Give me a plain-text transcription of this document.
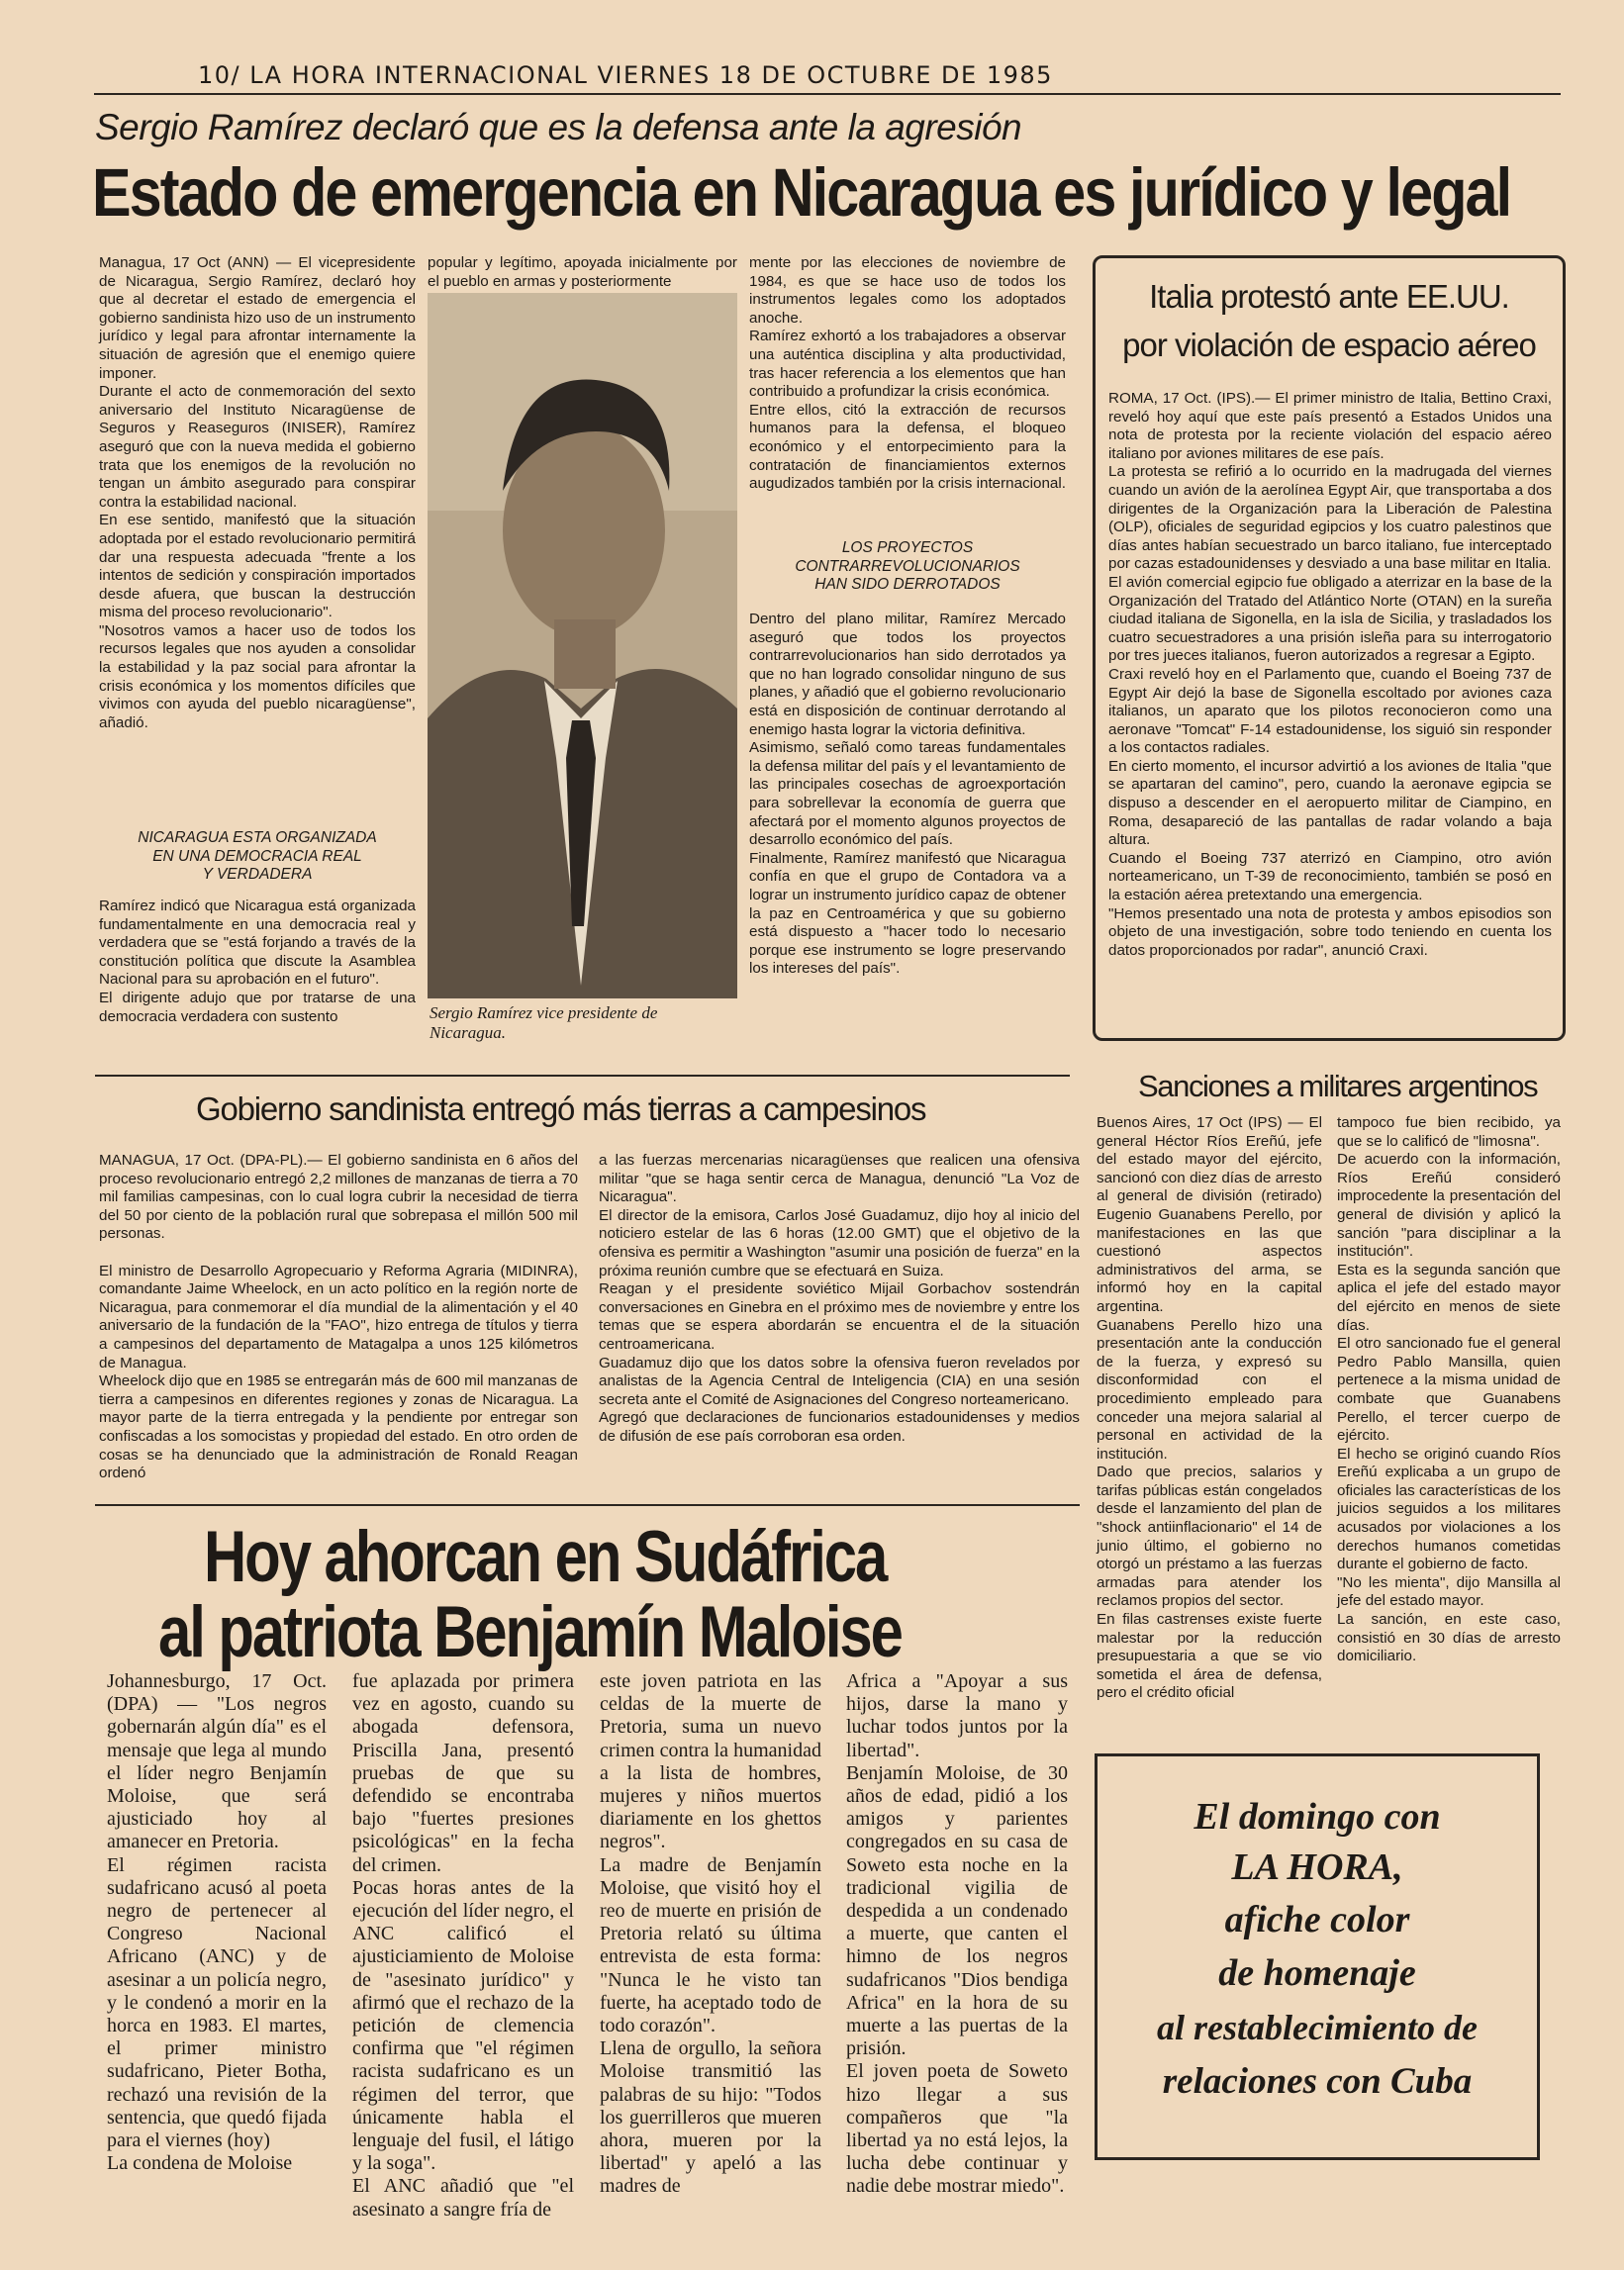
10/ LA HORA INTERNACIONAL VIERNES 18 DE OCTUBRE DE 1985
Sergio Ramírez declaró que es la defensa ante la agresión
Estado de emergencia en Nicaragua es jurídico y legal
Managua, 17 Oct (ANN) — El vicepresidente de Nicaragua, Sergio Ramírez, declaró hoy que al decretar el estado de emergencia el gobierno sandinista hizo uso de un instrumento jurídico y legal para afrontar internamente la situación de agresión que el enemigo quiere imponer.
Durante el acto de conmemoración del sexto aniversario del Instituto Nicaragüense de Seguros y Reaseguros (INISER), Ramírez aseguró que con la nueva medida el gobierno trata que los enemigos de la revolución no tengan un ámbito asegurado para conspirar contra la estabilidad nacional.
En ese sentido, manifestó que la situación adoptada por el estado revolucionario permitirá dar una respuesta adecuada "frente a los intentos de sedición y conspiración importados desde afuera, que buscan la destrucción misma del proceso revolucionario".
"Nosotros vamos a hacer uso de todos los recursos legales que nos ayuden a consolidar la estabilidad y la paz social para afrontar la crisis económica y los momentos difíciles que vivimos con ayuda del pueblo nicaragüense", añadió.
NICARAGUA ESTA ORGANIZADA
EN UNA DEMOCRACIA REAL
Y VERDADERA
Ramírez indicó que Nicaragua está organizada fundamentalmente en una democracia real y verdadera que se "está forjando a través de la constitución política que discute la Asamblea Nacional para su aprobación en el futuro".
El dirigente adujo que por tratarse de una democracia verdadera con sustento
popular y legítimo, apoyada inicialmente por el pueblo en armas y posteriormente
Sergio Ramírez vice presidente de Nicaragua.
mente por las elecciones de noviembre de 1984, es que se hace uso de todos los instrumentos legales como los adoptados anoche.
Ramírez exhortó a los trabajadores a observar una auténtica disciplina y alta productividad, tras hacer referencia a los elementos que han contribuido a profundizar la crisis económica.
Entre ellos, citó la extracción de recursos humanos para la defensa, el bloqueo económico y el entorpecimiento para la contratación de financiamientos externos augudizados también por la crisis internacional.
LOS PROYECTOS
CONTRARREVOLUCIONARIOS
HAN SIDO DERROTADOS
Dentro del plano militar, Ramírez Mercado aseguró que todos los proyectos contrarrevolucionarios han sido derrotados ya que no han logrado consolidar ninguno de sus planes, y añadió que el gobierno revolucionario está en disposición de continuar derrotando al enemigo hasta lograr la victoria definitiva.
Asimismo, señaló como tareas fundamentales la defensa militar del país y el levantamiento de las principales cosechas de agroexportación para sobrellevar la economía de guerra que afectará por el momento algunos proyectos de desarrollo económico del país.
Finalmente, Ramírez manifestó que Nicaragua confía en que el grupo de Contadora va a lograr un instrumento jurídico capaz de obtener la paz en Centroamérica y que su gobierno está dispuesto a "hacer todo lo necesario porque ese instrumento se logre preservando los intereses del país".
Italia protestó ante EE.UU.
por violación de espacio aéreo
ROMA, 17 Oct. (IPS).— El primer ministro de Italia, Bettino Craxi, reveló hoy aquí que este país presentó a Estados Unidos una nota de protesta por la reciente violación del espacio aéreo italiano por aviones militares de ese país.
La protesta se refirió a lo ocurrido en la madrugada del viernes cuando un avión de la aerolínea Egypt Air, que transportaba a dos dirigentes de la Organización para la Liberación de Palestina (OLP), oficiales de seguridad egipcios y los cuatro palestinos que días antes habían secuestrado un barco italiano, fue interceptado por cazas estadounidenses y desviado a una base militar en Italia.
El avión comercial egipcio fue obligado a aterrizar en la base de la Organización del Tratado del Atlántico Norte (OTAN) en la sureña ciudad italiana de Sigonella, en la isla de Sicilia, y trasladados los cuatro secuestradores a una prisión isleña para su interrogatorio por tres jueces italianos, fueron autorizados a regresar a Egipto.
Craxi reveló hoy en el Parlamento que, cuando el Boeing 737 de Egypt Air dejó la base de Sigonella escoltado por aviones caza italianos, un aparato que los pilotos reconocieron como una aeronave "Tomcat" F-14 estadounidense, los siguió sin responder a los contactos radiales.
En cierto momento, el incursor advirtió a los aviones de Italia "que se apartaran del camino", pero, cuando la aeronave egipcia se dispuso a descender en el aeropuerto militar de Ciampino, en Roma, desapareció de las pantallas de radar volando a baja altura.
Cuando el Boeing 737 aterrizó en Ciampino, otro avión norteamericano, un T-39 de reconocimiento, también se posó en la estación aérea pretextando una emergencia.
"Hemos presentado una nota de protesta y ambos episodios son objeto de una investigación, sobre todo teniendo en cuenta los datos proporcionados por radar", anunció Craxi.
Gobierno sandinista entregó más tierras a campesinos
MANAGUA, 17 Oct. (DPA-PL).— El gobierno sandinista en 6 años del proceso revolucionario entregó 2,2 millones de manzanas de tierra a 70 mil familias campesinas, con lo cual logra cubrir la necesidad de tierra del 50 por ciento de la población rural que sobrepasa el millón 500 mil personas.

El ministro de Desarrollo Agropecuario y Reforma Agraria (MIDINRA), comandante Jaime Wheelock, en un acto político en la región norte de Nicaragua, para conmemorar el día mundial de la alimentación y el 40 aniversario de la fundación de la "FAO", hizo entrega de títulos y tierra a campesinos del departamento de Matagalpa a unos 125 kilómetros de Managua.
Wheelock dijo que en 1985 se entregarán más de 600 mil manzanas de tierra a campesinos en diferentes regiones y zonas de Nicaragua. La mayor parte de la tierra entregada y la pendiente por entregar son confiscadas a los somocistas y propiedad del estado. En otro orden de cosas se ha denunciado que la administración de Ronald Reagan ordenó
a las fuerzas mercenarias nicaragüenses que realicen una ofensiva militar "que se haga sentir cerca de Managua, denunció "La Voz de Nicaragua".
El director de la emisora, Carlos José Guadamuz, dijo hoy al inicio del noticiero estelar de las 6 horas (12.00 GMT) que el objetivo de la ofensiva es permitir a Washington "asumir una posición de fuerza" en la próxima reunión cumbre que se efectuará en Suiza.
Reagan y el presidente soviético Mijail Gorbachov sostendrán conversaciones en Ginebra en el próximo mes de noviembre y entre los temas que se espera abordarán se encuentra el de la situación centroamericana.
Guadamuz dijo que los datos sobre la ofensiva fueron revelados por analistas de la Agencia Central de Inteligencia (CIA) en una sesión secreta ante el Comité de Asignaciones del Congreso norteamericano.
Agregó que declaraciones de funcionarios estadounidenses y medios de difusión de ese país corroboran esa orden.
Sanciones a militares argentinos
Buenos Aires, 17 Oct (IPS) — El general Héctor Ríos Ereñú, jefe del estado mayor del ejército, sancionó con diez días de arresto al general de división (retirado) Eugenio Guanabens Perello, por manifestaciones en las que cuestionó aspectos administrativos del arma, se informó hoy en la capital argentina.
Guanabens Perello hizo una presentación ante la conducción de la fuerza, y expresó su disconformidad con el procedimiento empleado para conceder una mejora salarial al personal en actividad de la institución.
Dado que precios, salarios y tarifas públicas están congelados desde el lanzamiento del plan de "shock antiinflacionario" el 14 de junio último, el gobierno no otorgó un préstamo a las fuerzas armadas para atender los reclamos propios del sector.
En filas castrenses existe fuerte malestar por la reducción presupuestaria a que se vio sometida el área de defensa, pero el crédito oficial
tampoco fue bien recibido, ya que se lo calificó de "limosna".
De acuerdo con la información, Ríos Ereñú consideró improcedente la presentación del general de división y aplicó la sanción "para disciplinar a la institución".
Esta es la segunda sanción que aplica el jefe del estado mayor del ejército en menos de siete días.
El otro sancionado fue el general Pedro Pablo Mansilla, quien pertenece a la misma unidad de combate que Guanabens Perello, el tercer cuerpo de ejército.
El hecho se originó cuando Ríos Ereñú explicaba a un grupo de oficiales las características de los juicios seguidos a los militares acusados por violaciones a los derechos humanos cometidas durante el gobierno de facto.
"No les mienta", dijo Mansilla al jefe del estado mayor.
La sanción, en este caso, consistió en 30 días de arresto domiciliario.
Hoy ahorcan en Sudáfrica
al patriota Benjamín Maloise
Johannesburgo, 17 Oct. (DPA) — "Los negros gobernarán algún día" es el mensaje que lega al mundo el líder negro Benjamín Moloise, que será ajusticiado hoy al amanecer en Pretoria.
El régimen racista sudafricano acusó al poeta negro de pertenecer al Congreso Nacional Africano (ANC) y de asesinar a un policía negro, y le condenó a morir en la horca en 1983. El martes, el primer ministro sudafricano, Pieter Botha, rechazó una revisión de la sentencia, que quedó fijada para el viernes (hoy)
La condena de Moloise
fue aplazada por primera vez en agosto, cuando su abogada defensora, Priscilla Jana, presentó pruebas de que su defendido se encontraba bajo "fuertes presiones psicológicas" en la fecha del crimen.
Pocas horas antes de la ejecución del líder negro, el ANC calificó el ajusticiamiento de Moloise de "asesinato jurídico" y afirmó que el rechazo de la petición de clemencia confirma que "el régimen racista sudafricano es un régimen del terror, que únicamente habla el lenguaje del fusil, el látigo y la soga".
El ANC añadió que "el asesinato a sangre fría de
este joven patriota en las celdas de la muerte de Pretoria, suma un nuevo crimen contra la humanidad a la lista de hombres, mujeres y niños muertos diariamente en los ghettos negros".
La madre de Benjamín Moloise, que visitó hoy el reo de muerte en prisión de Pretoria relató su última entrevista de esta forma: "Nunca le he visto tan fuerte, ha aceptado todo de todo corazón".
Llena de orgullo, la señora Moloise transmitió las palabras de su hijo: "Todos los guerrilleros que mueren ahora, mueren por la libertad" y apeló a las madres de
Africa a "Apoyar a sus hijos, darse la mano y luchar todos juntos por la libertad".
Benjamín Moloise, de 30 años de edad, pidió a los amigos y parientes congregados en su casa de Soweto esta noche en la tradicional vigilia de despedida a un condenado a muerte, que canten el himno de los negros sudafricanos "Dios bendiga Africa" en la hora de su muerte a las puertas de la prisión.
El joven poeta de Soweto hizo llegar a sus compañeros que "la libertad ya no está lejos, la lucha debe continuar y nadie debe mostrar miedo".
El domingo con
LA HORA,
afiche color
de homenaje
al restablecimiento de
relaciones con Cuba
